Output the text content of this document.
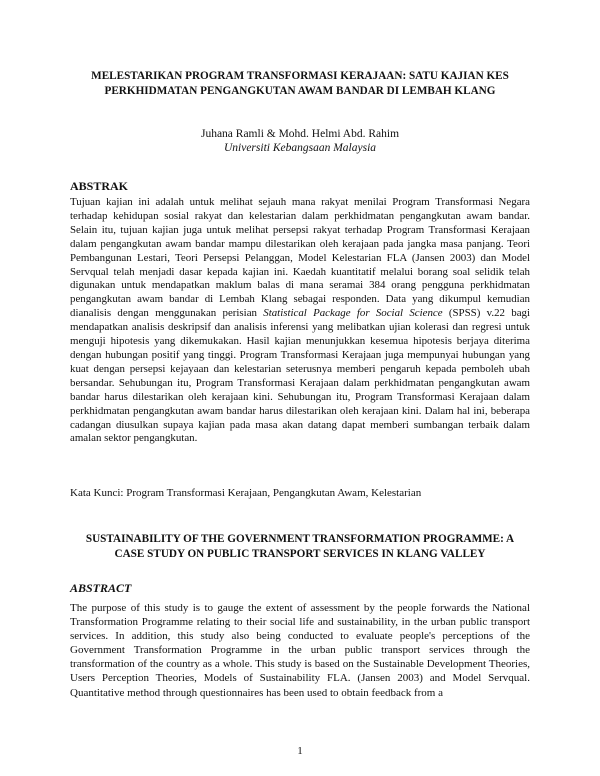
MELESTARIKAN PROGRAM TRANSFORMASI KERAJAAN: SATU KAJIAN KES PERKHIDMATAN PENGANGKUTAN AWAM BANDAR DI LEMBAH KLANG

Juhana Ramli & Mohd. Helmi Abd. Rahim
Universiti Kebangsaan Malaysia

ABSTRAK

Tujuan kajian ini adalah untuk melihat sejauh mana rakyat menilai Program Transformasi Negara terhadap kehidupan sosial rakyat dan kelestarian dalam perkhidmatan pengangkutan awam bandar. Selain itu, tujuan kajian juga untuk melihat persepsi rakyat terhadap Program Transformasi Kerajaan dalam pengangkutan awam bandar mampu dilestarikan oleh kerajaan pada jangka masa panjang. Teori Pembangunan Lestari, Teori Persepsi Pelanggan, Model Kelestarian FLA (Jansen 2003) dan Model Servqual telah menjadi dasar kepada kajian ini. Kaedah kuantitatif melalui borang soal selidik telah digunakan untuk mendapatkan maklum balas di mana seramai 384 orang pengguna perkhidmatan pengangkutan awam bandar di Lembah Klang sebagai responden. Data yang dikumpul kemudian dianalisis dengan menggunakan perisian Statistical Package for Social Science (SPSS) v.22 bagi mendapatkan analisis deskripsif dan analisis inferensi yang melibatkan ujian kolerasi dan regresi untuk menguji hipotesis yang dikemukakan. Hasil kajian menunjukkan kesemua hipotesis berjaya diterima dengan hubungan positif yang tinggi. Program Transformasi Kerajaan juga mempunyai hubungan yang kuat dengan persepsi kejayaan dan kelestarian seterusnya memberi pengaruh kepada pemboleh ubah bersandar. Sehubungan itu, Program Transformasi Kerajaan dalam perkhidmatan pengangkutan awam bandar harus dilestarikan oleh kerajaan kini. Sehubungan itu, Program Transformasi Kerajaan dalam perkhidmatan pengangkutan awam bandar harus dilestarikan oleh kerajaan kini. Dalam hal ini, beberapa cadangan diusulkan supaya kajian pada masa akan datang dapat memberi sumbangan terbaik dalam amalan sektor pengangkutan.

Kata Kunci: Program Transformasi Kerajaan, Pengangkutan Awam, Kelestarian

SUSTAINABILITY OF THE GOVERNMENT TRANSFORMATION PROGRAMME: A CASE STUDY ON PUBLIC TRANSPORT SERVICES IN KLANG VALLEY

ABSTRACT

The purpose of this study is to gauge the extent of assessment by the people forwards the National Transformation Programme relating to their social life and sustainability, in the urban public transport services. In addition, this study also being conducted to evaluate people's perceptions of the Government Transformation Programme in the urban public transport services through the transformation of the country as a whole. This study is based on the Sustainable Development Theories, Users Perception Theories, Models of Sustainability FLA. (Jansen 2003) and Model Servqual. Quantitative method through questionnaires has been used to obtain feedback from a

1
